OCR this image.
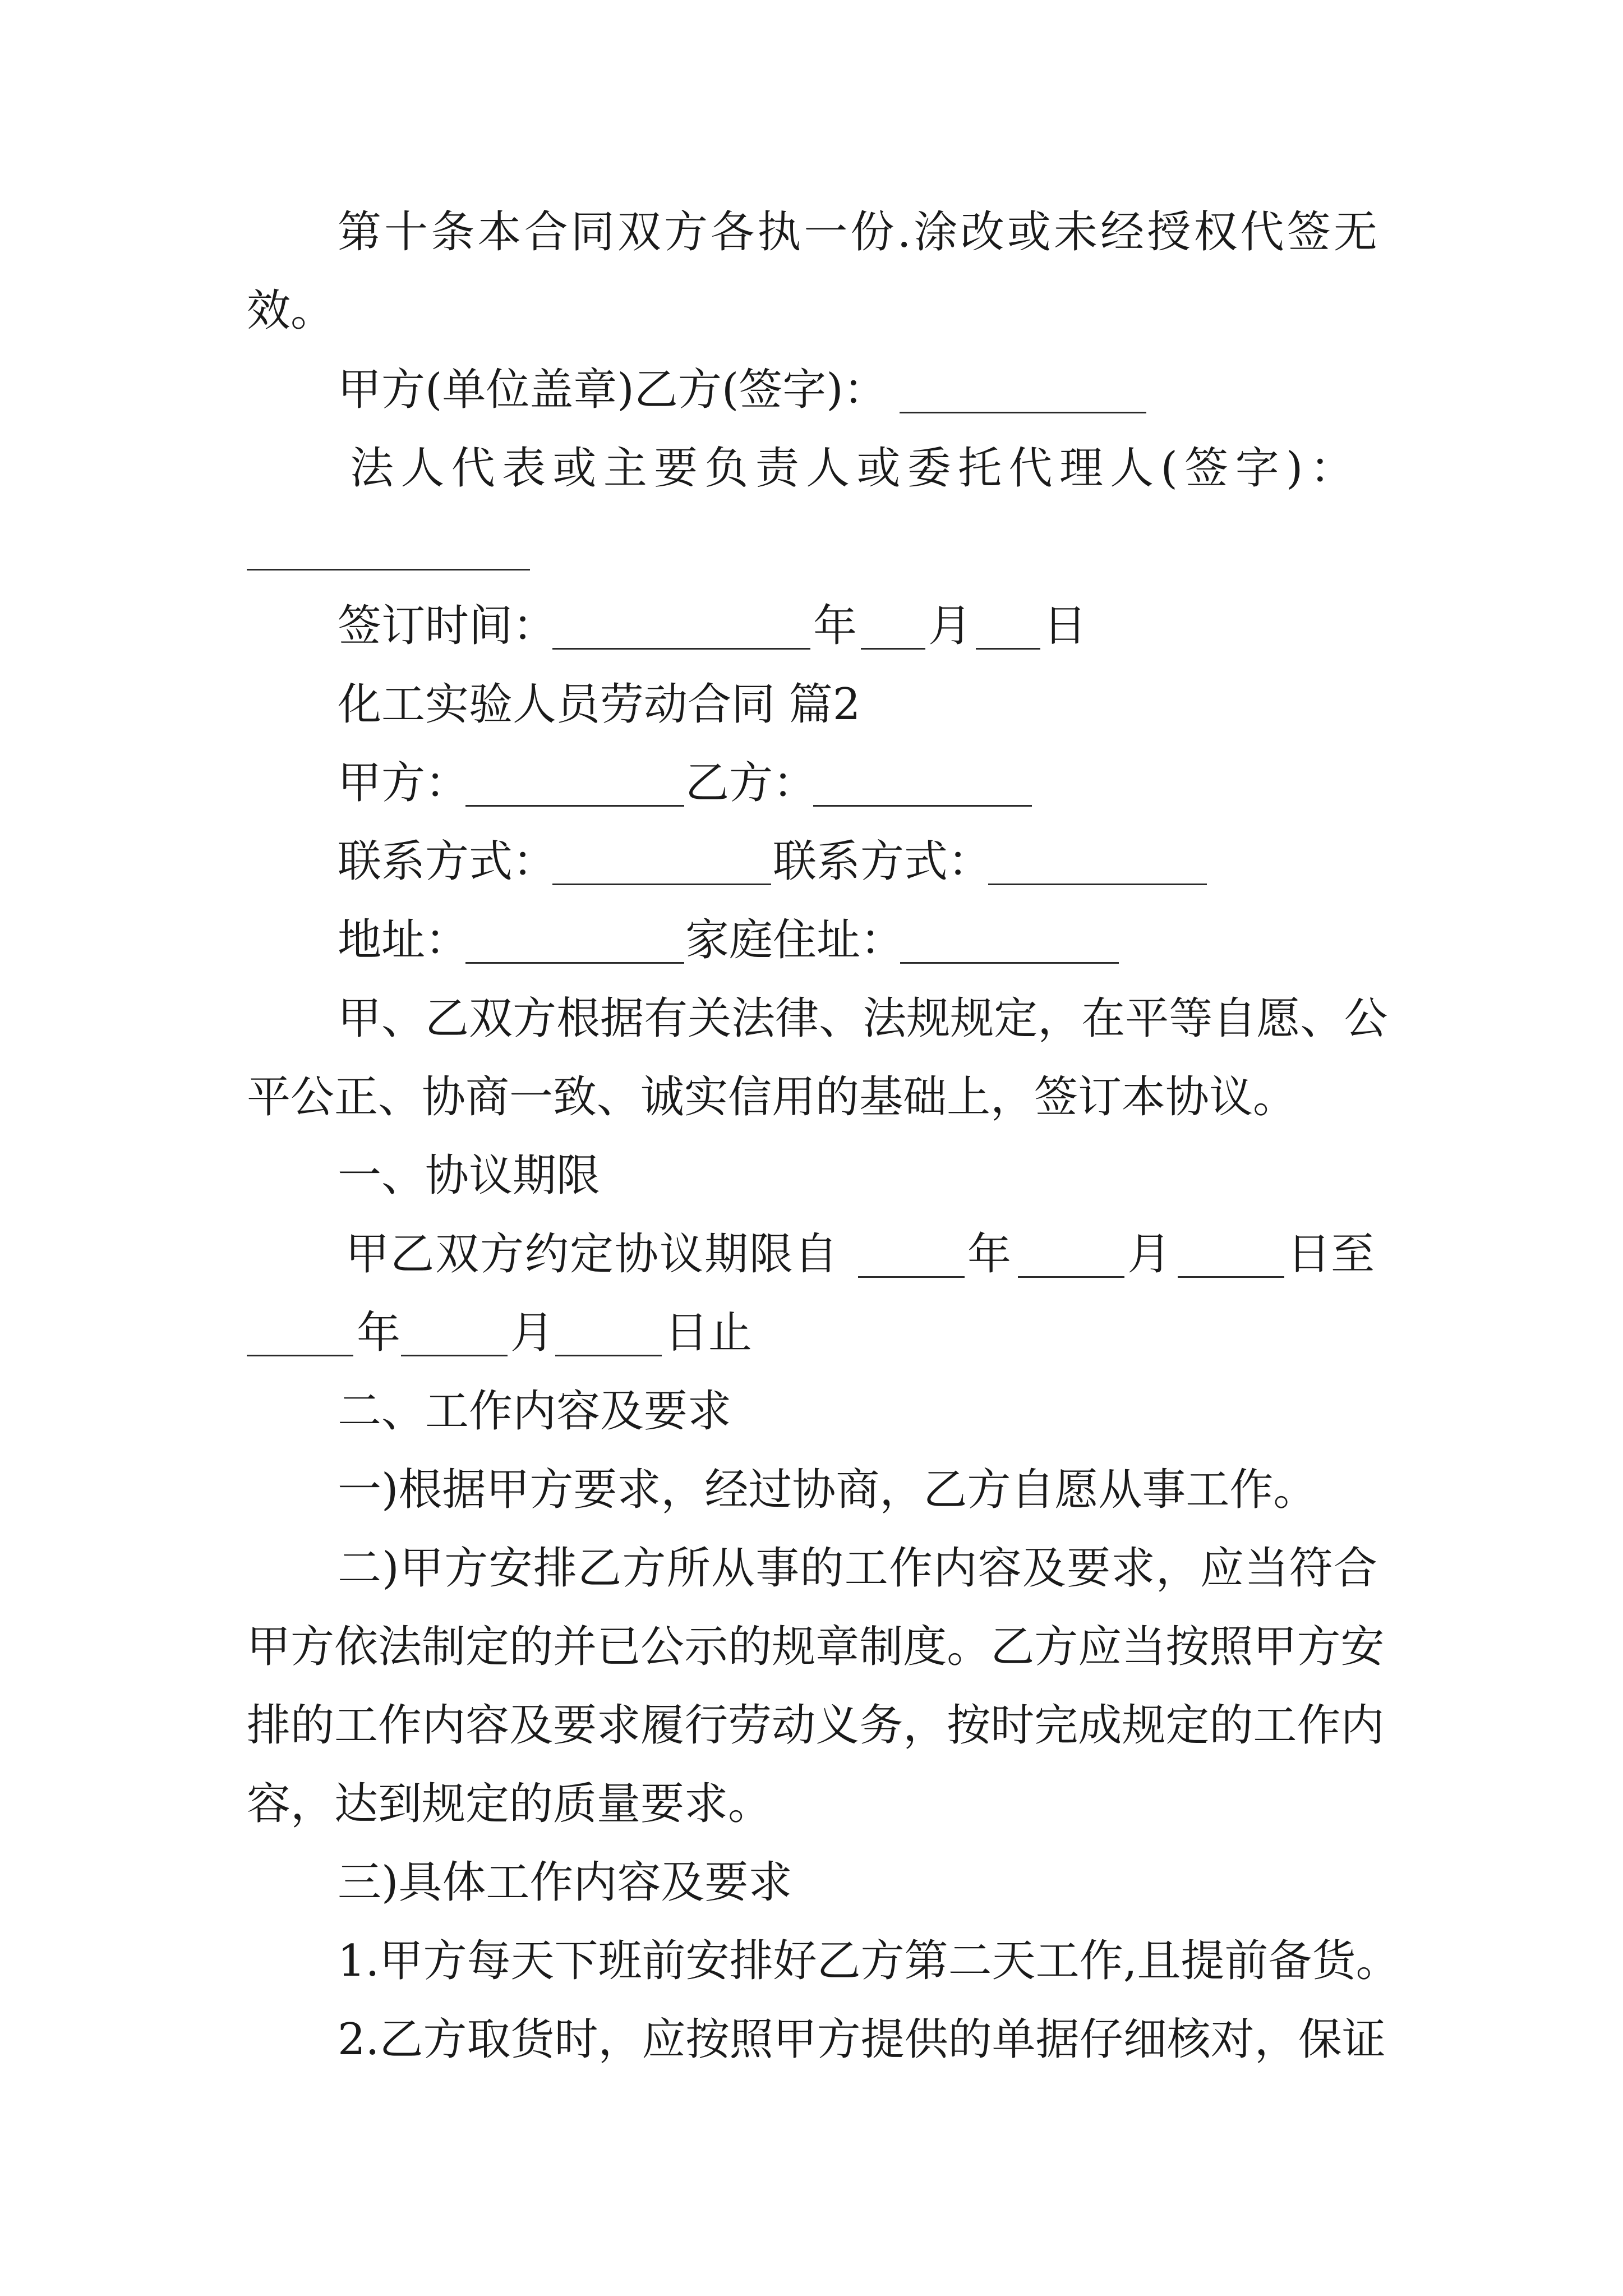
第 十 条 本 合 同 双 方 各 执 一 份 . 涂 改 或 未 经 授 权 代 签 无
效。
甲方(单位盖章)乙方(签字)：
法 人 代 表 或 主 要 负 责 人 或 委 托 代 理 人 ( 签 字 ) ：
签订时间：	年 月 日
化工实验人员劳动合同 篇2
甲方：	乙方：
联系方式：	联系方式：
地址：	家庭住址：
甲 、 乙 双 方 根 据 有 关 法 律 、 法 规 规 定 ， 在 平 等 自 愿 、 公
平公正、协商一致、诚实信用的基础上，签订本协议。
一、协议期限
甲乙双方约定协议期限自	年	月	日至
年	月	日止
二、工作内容及要求
一)根据甲方要求，经过协商，乙方自愿从事工作。
二 ) 甲 方 安 排 乙 方 所 从 事 的 工 作 内 容 及 要 求 ， 应 当 符 合
甲 方 依 法 制 定 的 并 已 公 示 的 规 章 制 度 。 乙 方 应 当 按 照 甲 方 安
排 的 工 作 内 容 及 要 求 履 行 劳 动 义 务 ， 按 时 完 成 规 定 的 工 作 内
容，达到规定的质量要求。
三)具体工作内容及要求
1 . 甲 方 每 天 下 班 前 安 排 好 乙 方 第 二 天 工 作 , 且 提 前 备 货 。
2 . 乙 方 取 货 时 ， 应 按 照 甲 方 提 供 的 单 据 仔 细 核 对 ， 保 证
